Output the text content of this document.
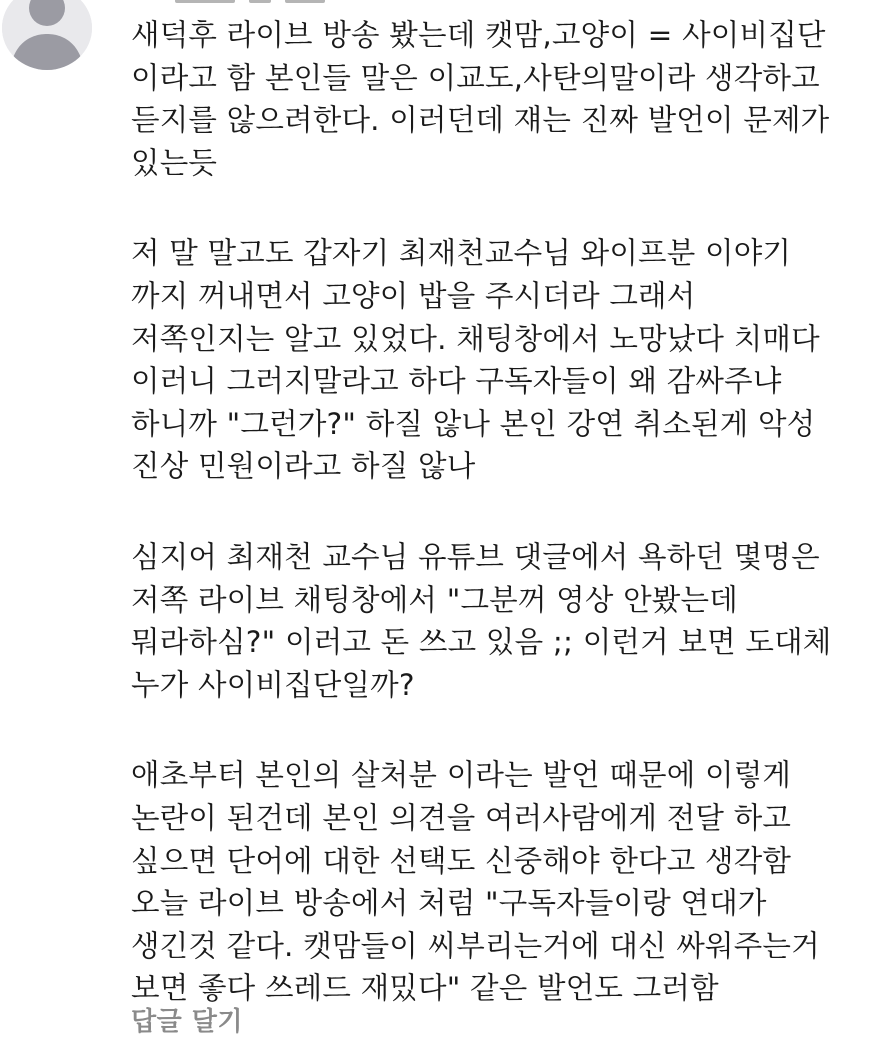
새덕후 라이브 방송 봤는데 캣맘,고양이 = 사이비집단
이라고 함 본인들 말은 이교도,사탄의말이라 생각하고
듣지를 않으려한다. 이러던데 쟤는 진짜 발언이 문제가
있는듯
저 말 말고도 갑자기 최재천교수님 와이프분 이야기
까지 꺼내면서 고양이 밥을 주시더라 그래서
저쪽인지는 알고 있었다. 채팅창에서 노망났다 치매다
이러니 그러지말라고 하다 구독자들이 왜 감싸주냐
하니까 "그런가?" 하질 않나 본인 강연 취소된게 악성
진상 민원이라고 하질 않나
심지어 최재천 교수님 유튜브 댓글에서 욕하던 몇명은
저쪽 라이브 채팅창에서 "그분꺼 영상 안봤는데
뭐라하심?" 이러고 돈 쓰고 있음 ;; 이런거 보면 도대체
누가 사이비집단일까?
애초부터 본인의 살처분 이라는 발언 때문에 이렇게
논란이 된건데 본인 의견을 여러사람에게 전달 하고
싶으면 단어에 대한 선택도 신중해야 한다고 생각함
오늘 라이브 방송에서 처럼 "구독자들이랑 연대가
생긴것 같다. 캣맘들이 씨부리는거에 대신 싸워주는거
보면 좋다 쓰레드 재밌다" 같은 발언도 그러함
답글 달기
